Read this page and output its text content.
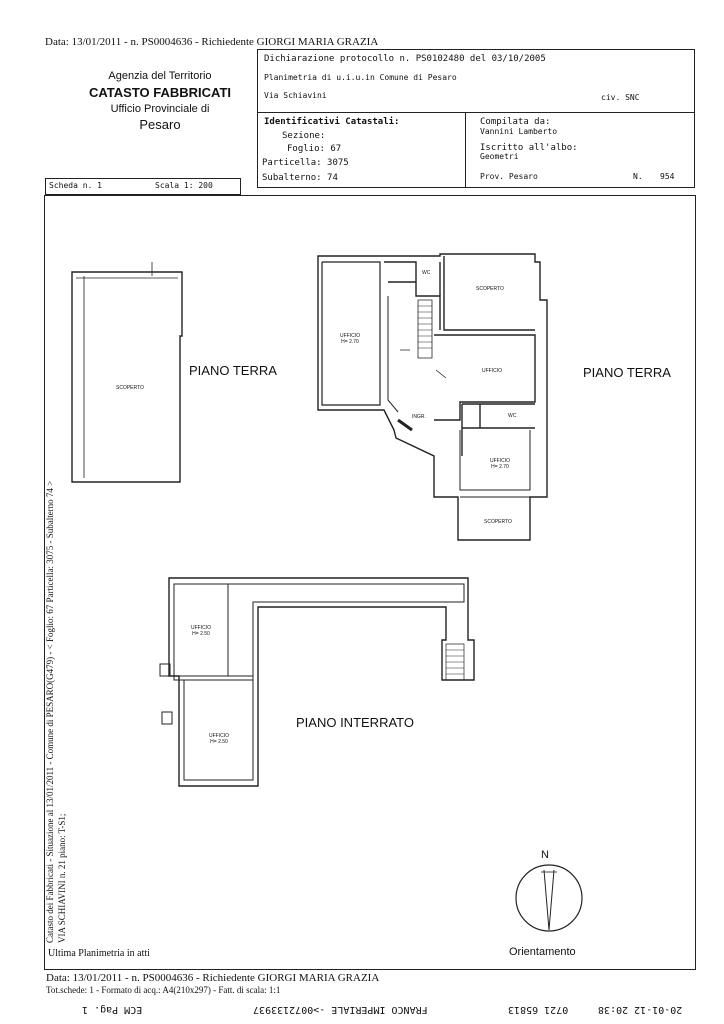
Data: 13/01/2011 - n. PS0004636 - Richiedente GIORGI MARIA GRAZIA
Agenzia del Territorio
CATASTO FABBRICATI
Ufficio Provinciale di
Pesaro
Dichiarazione protocollo n. PS0102480 del 03/10/2005
Planimetria di u.i.u.in Comune di Pesaro
Via Schiavini	civ. SNC
Identificativi Catastali:
Sezione:
Foglio: 67
Particella: 3075
Subalterno: 74
Compilata da:
Vannini Lamberto
Iscritto all'albo:
Geometri
Prov. Pesaro	N. 954
Scheda n. 1	Scala 1: 200
PIANO TERRA	PIANO TERRA
PIANO INTERRATO
SCOPERTO
WC
SCOPERTO
UFFICIO
H= 2.70
UFFICIO
INGR.	WC
UFFICIO
H= 2.70
SCOPERTO
UFFICIO
H= 2.50
UFFICIO
H= 2.50
N
Orientamento
Catasto dei Fabbricati - Situazione al 13/01/2011 - Comune di PESARO(G479) - < Foglio: 67 Particella: 3075 - Subalterno 74 > VIA SCHIAVINI n. 21 piano: T-S1;
Ultima Planimetria in atti
Data: 13/01/2011 - n. PS0004636 - Richiedente GIORGI MARIA GRAZIA
Tot.schede: 1 - Formato di acq.: A4(210x297) - Fatt. di scala: 1:1
ECM Pag. 1	FRANCO IMPERIALE ->0072133937	0721 65813	20-01-12 20:38
